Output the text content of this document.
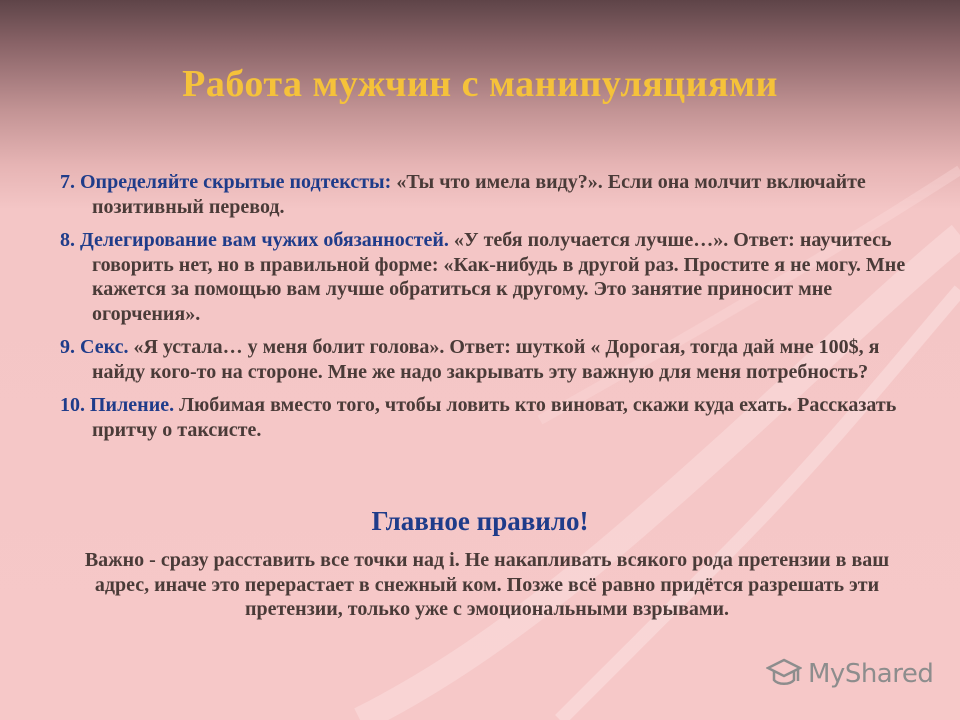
Работа мужчин с манипуляциями

7. Определяйте скрытые подтексты: «Ты что имела виду?». Если она молчит включайте позитивный перевод.

8. Делегирование вам чужих обязанностей. «У тебя получается лучше…». Ответ: научитесь говорить нет, но в правильной форме: «Как-нибудь в другой раз. Простите я не могу. Мне кажется за помощью вам лучше обратиться к другому. Это занятие приносит мне огорчения».

9. Секс. «Я устала… у меня болит голова». Ответ: шуткой « Дорогая, тогда дай мне 100$, я найду кого-то на стороне. Мне же надо закрывать эту важную для меня потребность?

10. Пиление. Любимая вместо того, чтобы ловить кто виноват, скажи куда ехать. Рассказать притчу о таксисте.

Главное правило!

Важно - сразу расставить все точки над i. Не накапливать всякого рода претензии в ваш адрес, иначе это перерастает в снежный ком. Позже всё равно придётся разрешать эти претензии, только уже с эмоциональными взрывами.

MyShared
